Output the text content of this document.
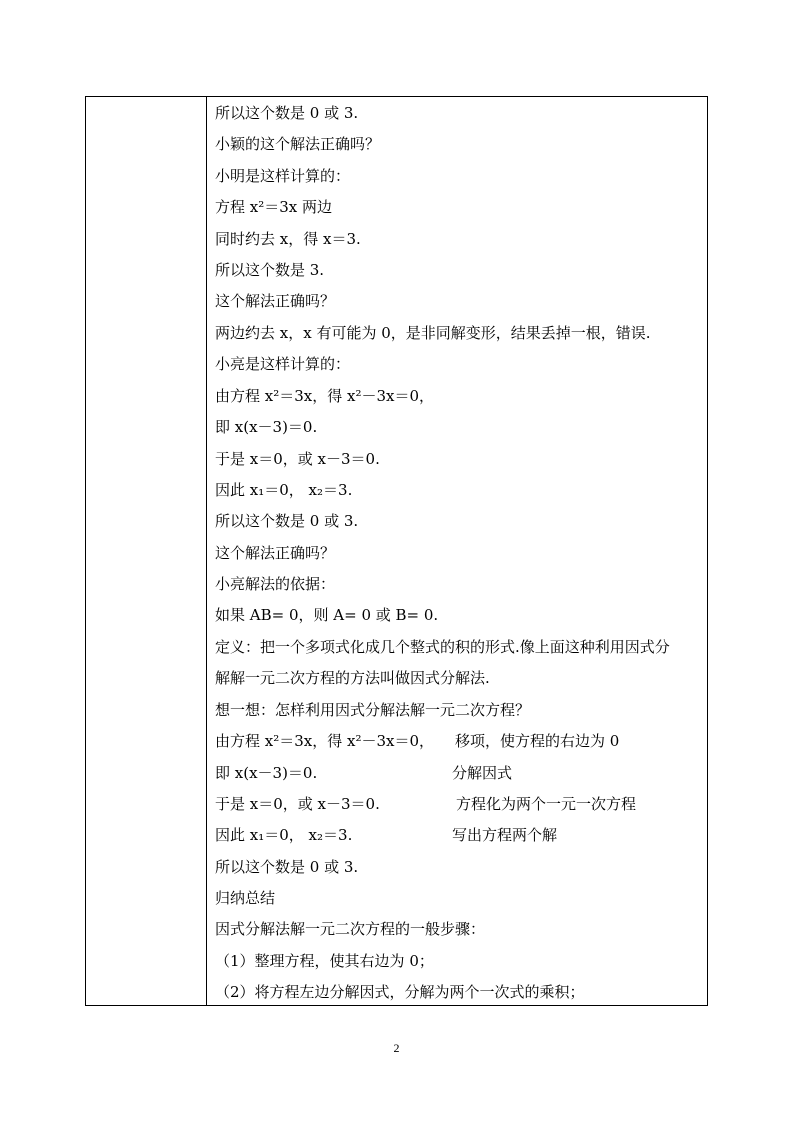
所以这个数是 0 或 3.
小颖的这个解法正确吗？
小明是这样计算的：
方程 x²＝3x 两边
同时约去 x，得 x＝3.
所以这个数是 3.
这个解法正确吗？
两边约去 x，x 有可能为 0，是非同解变形，结果丢掉一根，错误.
小亮是这样计算的：
由方程 x²＝3x，得 x²－3x＝0，
即 x(x－3)＝0.
于是 x＝0，或 x－3＝0.
因此 x₁＝0， x₂＝3.
所以这个数是 0 或 3.
这个解法正确吗？
小亮解法的依据：
如果 AB= 0，则 A= 0 或 B= 0.
定义：把一个多项式化成几个整式的积的形式.像上面这种利用因式分
解解一元二次方程的方法叫做因式分解法.
想一想：怎样利用因式分解法解一元二次方程？
由方程 x²＝3x，得 x²－3x＝0，
即 x(x－3)＝0.
于是 x＝0，或 x－3＝0.
因此 x₁＝0， x₂＝3.
所以这个数是 0 或 3.
归纳总结
因式分解法解一元二次方程的一般步骤：
（1）整理方程，使其右边为 0；
（2）将方程左边分解因式，分解为两个一次式的乘积；
移项，使方程的右边为 0
分解因式
方程化为两个一元一次方程
写出方程两个解
2
